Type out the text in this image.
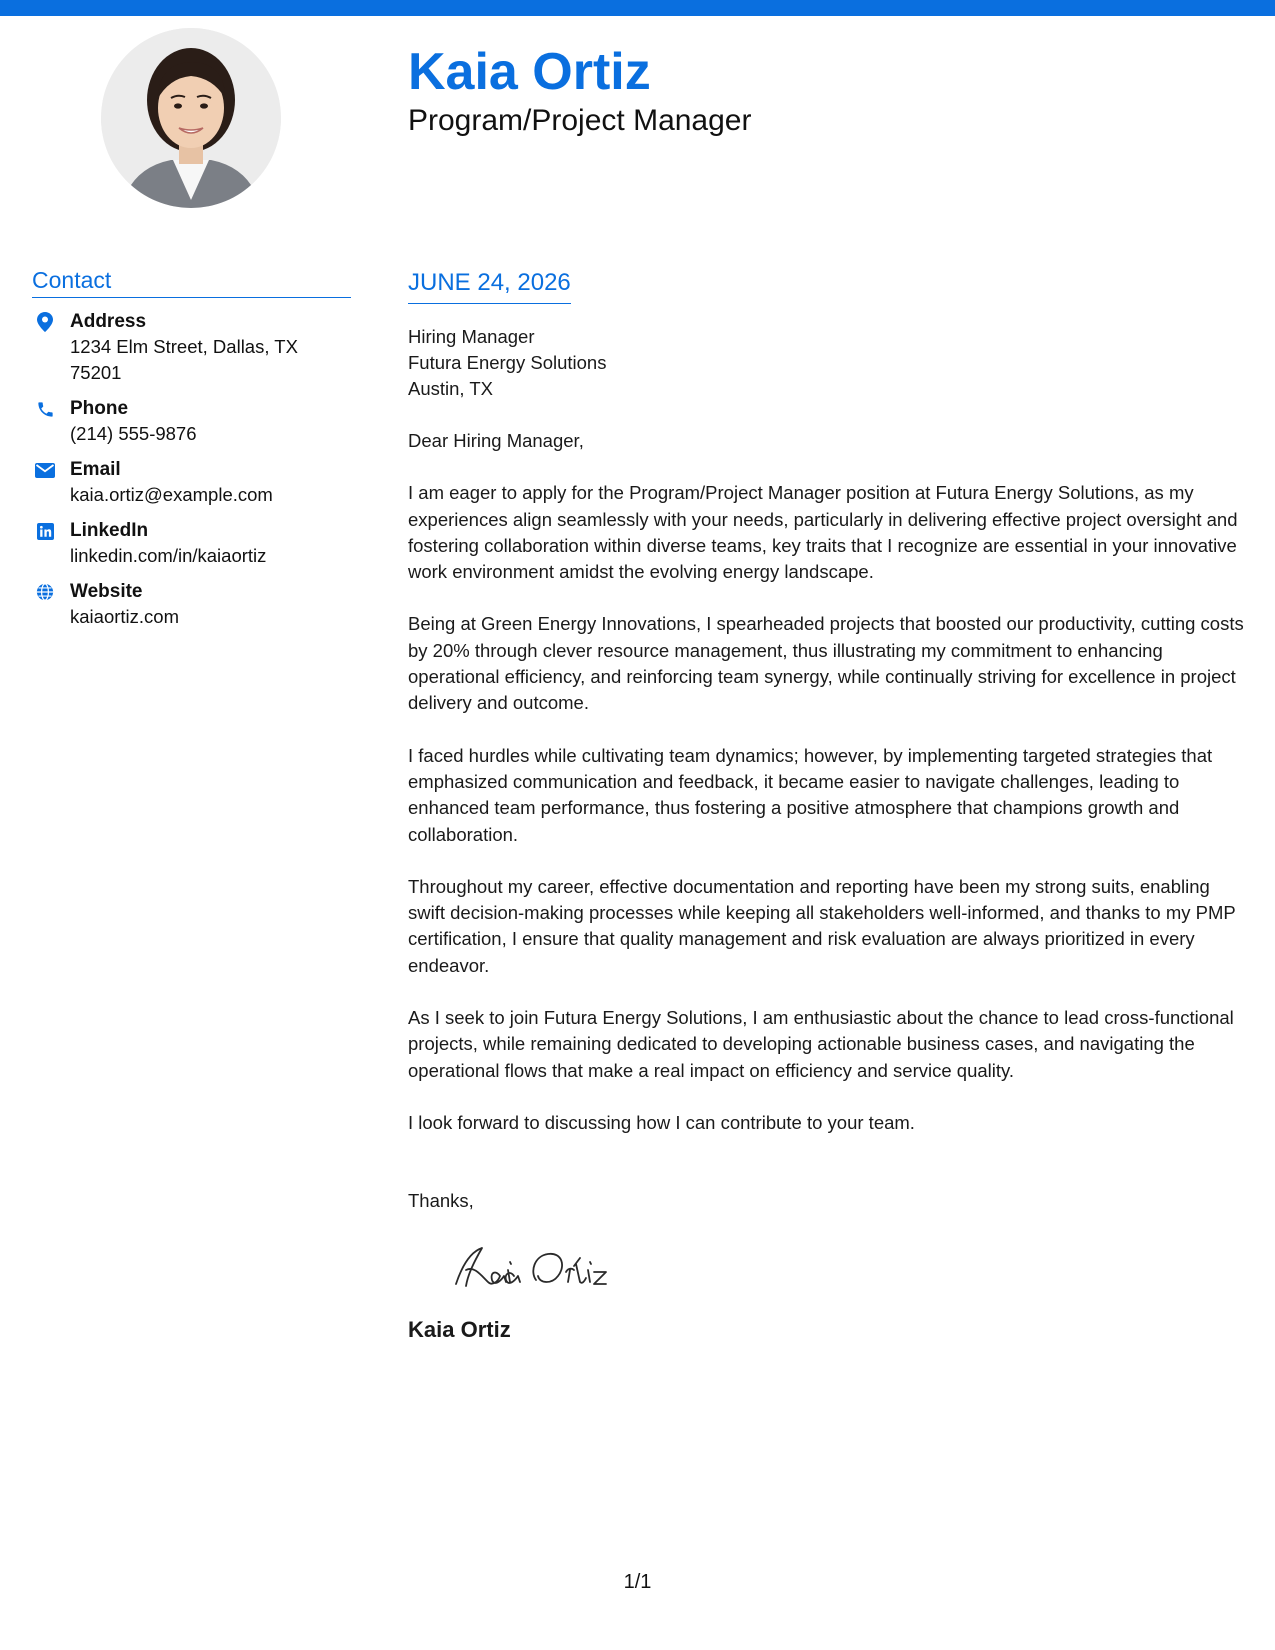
Kaia Ortiz
Program/Project Manager
Contact
Address
1234 Elm Street, Dallas, TX 75201
Phone
(214) 555-9876
Email
kaia.ortiz@example.com
LinkedIn
linkedin.com/in/kaiaortiz
Website
kaiaortiz.com
JUNE 24, 2026
Hiring Manager
Futura Energy Solutions
Austin, TX

Dear Hiring Manager,

I am eager to apply for the Program/Project Manager position at Futura Energy Solutions, as my experiences align seamlessly with your needs, particularly in delivering effective project oversight and fostering collaboration within diverse teams, key traits that I recognize are essential in your innovative work environment amidst the evolving energy landscape.

Being at Green Energy Innovations, I spearheaded projects that boosted our productivity, cutting costs by 20% through clever resource management, thus illustrating my commitment to enhancing operational efficiency, and reinforcing team synergy, while continually striving for excellence in project delivery and outcome.

I faced hurdles while cultivating team dynamics; however, by implementing targeted strategies that emphasized communication and feedback, it became easier to navigate challenges, leading to enhanced team performance, thus fostering a positive atmosphere that champions growth and collaboration.

Throughout my career, effective documentation and reporting have been my strong suits, enabling swift decision-making processes while keeping all stakeholders well-informed, and thanks to my PMP certification, I ensure that quality management and risk evaluation are always prioritized in every endeavor.

As I seek to join Futura Energy Solutions, I am enthusiastic about the chance to lead cross-functional projects, while remaining dedicated to developing actionable business cases, and navigating the operational flows that make a real impact on efficiency and service quality.

I look forward to discussing how I can contribute to your team.

Thanks,
Kaia Ortiz
1/1
